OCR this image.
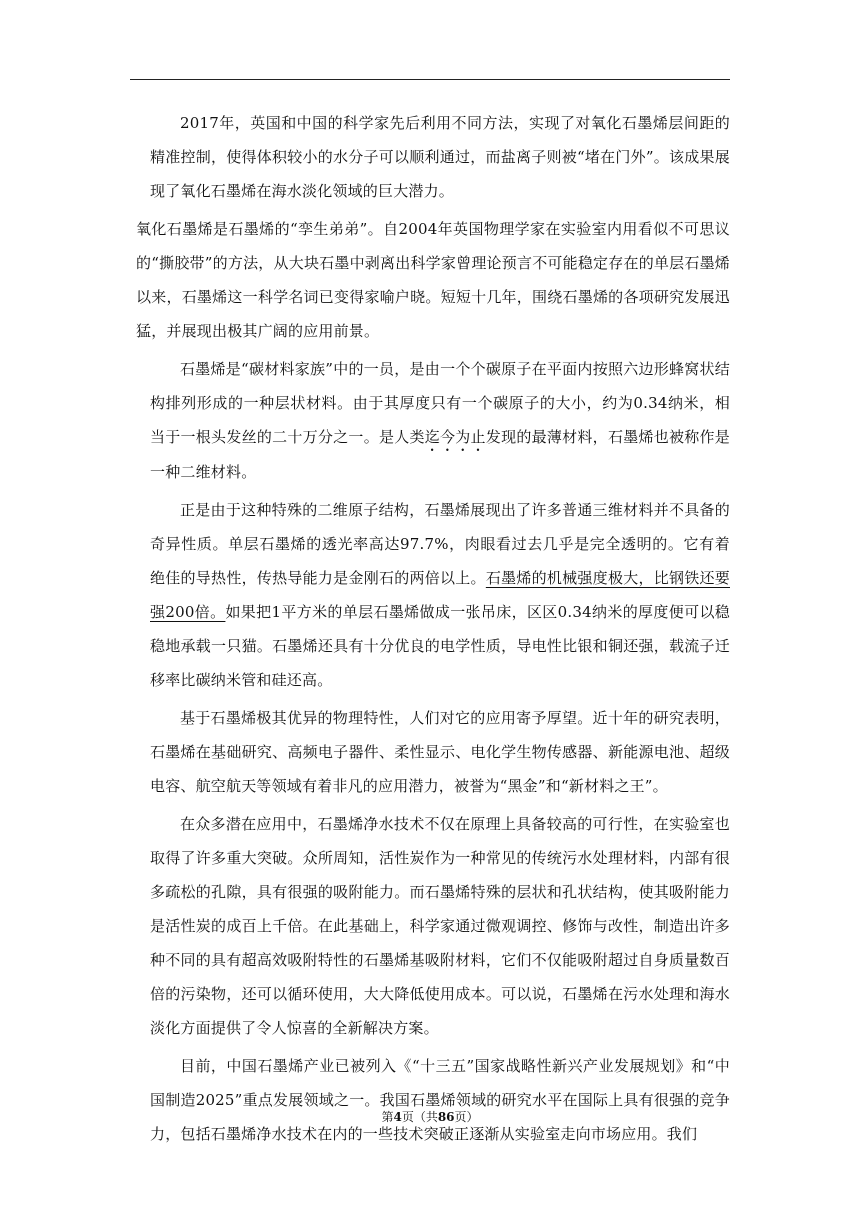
2017年，英国和中国的科学家先后利用不同方法，实现了对氧化石墨烯层间距的精准控制，使得体积较小的水分子可以顺利通过，而盐离子则被“堵在门外”。该成果展现了氧化石墨烯在海水淡化领域的巨大潜力。

氧化石墨烯是石墨烯的“孪生弟弟”。自2004年英国物理学家在实验室内用看似不可思议的“撕胶带”的方法，从大块石墨中剥离出科学家曾理论预言不可能稳定存在的单层石墨烯以来，石墨烯这一科学名词已变得家喻户晓。短短十几年，围绕石墨烯的各项研究发展迅猛，并展现出极其广阔的应用前景。

石墨烯是“碳材料家族”中的一员，是由一个个碳原子在平面内按照六边形蜂窝状结构排列形成的一种层状材料。由于其厚度只有一个碳原子的大小，约为0.34纳米，相当于一根头发丝的二十万分之一。是人类迄今为止发现的最薄材料，石墨烯也被称作是一种二维材料。

正是由于这种特殊的二维原子结构，石墨烯展现出了许多普通三维材料并不具备的奇异性质。单层石墨烯的透光率高达97.7%，肉眼看过去几乎是完全透明的。它有着绝佳的导热性，传热导能力是金刚石的两倍以上。石墨烯的机械强度极大，比钢铁还要强200倍。如果把1平方米的单层石墨烯做成一张吊床，区区0.34纳米的厚度便可以稳稳地承载一只猫。石墨烯还具有十分优良的电学性质，导电性比银和铜还强，载流子迁移率比碳纳米管和硅还高。

基于石墨烯极其优异的物理特性，人们对它的应用寄予厚望。近十年的研究表明，石墨烯在基础研究、高频电子器件、柔性显示、电化学生物传感器、新能源电池、超级电容、航空航天等领域有着非凡的应用潜力，被誉为“黑金”和“新材料之王”。

在众多潜在应用中，石墨烯净水技术不仅在原理上具备较高的可行性，在实验室也取得了许多重大突破。众所周知，活性炭作为一种常见的传统污水处理材料，内部有很多疏松的孔隙，具有很强的吸附能力。而石墨烯特殊的层状和孔状结构，使其吸附能力是活性炭的成百上千倍。在此基础上，科学家通过微观调控、修饰与改性，制造出许多种不同的具有超高效吸附特性的石墨烯基吸附材料，它们不仅能吸附超过自身质量数百倍的污染物，还可以循环使用，大大降低使用成本。可以说，石墨烯在污水处理和海水淡化方面提供了令人惊喜的全新解决方案。

目前，中国石墨烯产业已被列入《“十三五”国家战略性新兴产业发展规划》和“中国制造2025”重点发展领域之一。我国石墨烯领域的研究水平在国际上具有很强的竞争力，包括石墨烯净水技术在内的一些技术突破正逐渐从实验室走向市场应用。我们

第4页（共86页）
